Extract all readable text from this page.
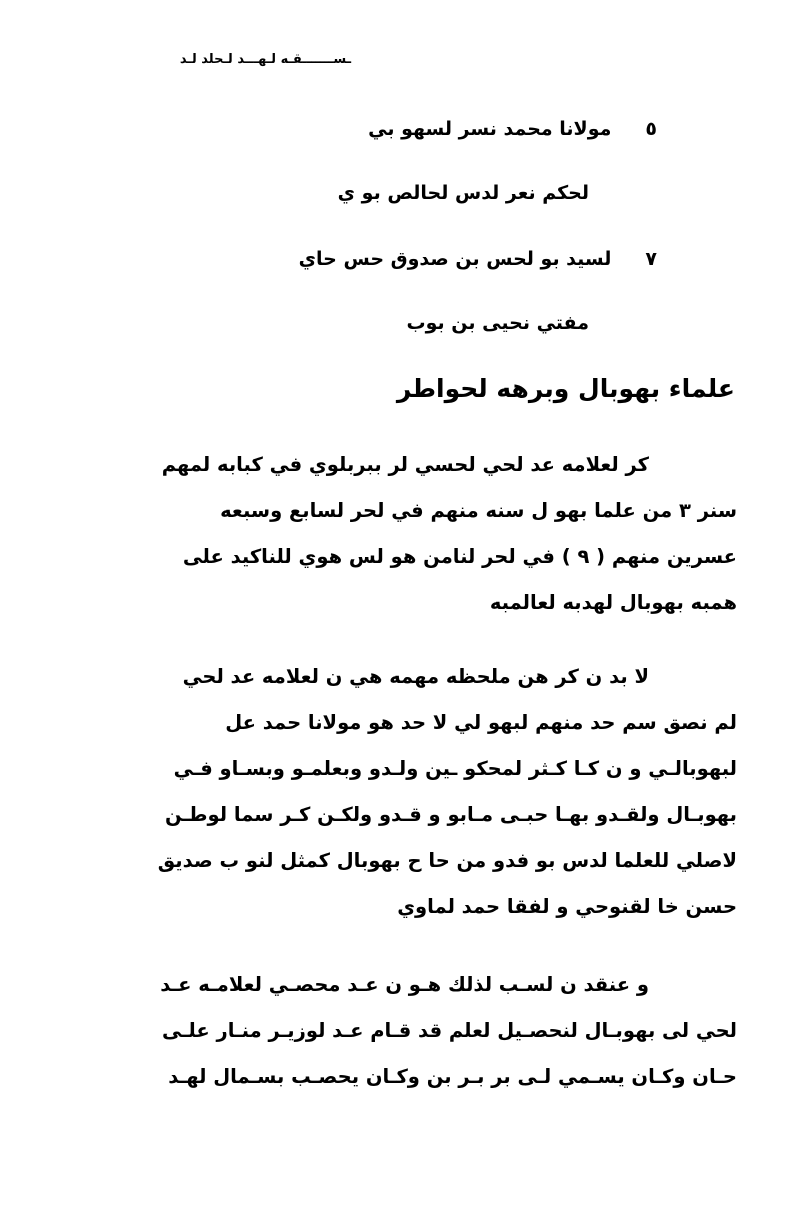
ـســـــــقـه لـهـــد لـحلد لـد
٥مولانا محمد نسر لسهو بي
لحكم نعر لدس لحالص بو ي
٧لسيد بو لحس بن صدوق حس حاي
مفتي نحيى بن بوب
علماء بهوبال وبرهه لحواطر
كر لعلامه عد لحي لحسي لر ببربلوي في كبابه لمهم
سنر ٣ من علما بهو ل سنه منهم في لحر لسابع وسبعه
عسرين منهم ( ٩ ) في لحر لنامن هو لس هوي للناكيد على
همبه بهوبال لهدبه لعالمبه
لا بد ن كر هن ملحظه مهمه هي ن لعلامه عد لحي
لم نصق سم حد منهم لبهو لي لا حد هو مولانا حمد عل
لبهوبالـي و ن كـا كـثر لمحكو ـين ولـدو وبعلمـو وبسـاو فـي
بهوبـال ولقـدو بهـا حبـى مـابو و قـدو ولكـن كـر سما لوطـن
لاصلي للعلما لدس بو فدو من حا ح بهوبال كمثل لنو ب صديق
حسن خا لقنوحي و لفقا حمد لماوي
و عنقد ن لسـب لذلك هـو ن عـد محصـي لعلامـه عـد
لحي لى بهوبـال لنحصـيل لعلم قد قـام عـد لوزيـر منـار علـى
حـان وكـان يسـمي لـى بر بـر بن وكـان يحصـب بسـمال لهـد
